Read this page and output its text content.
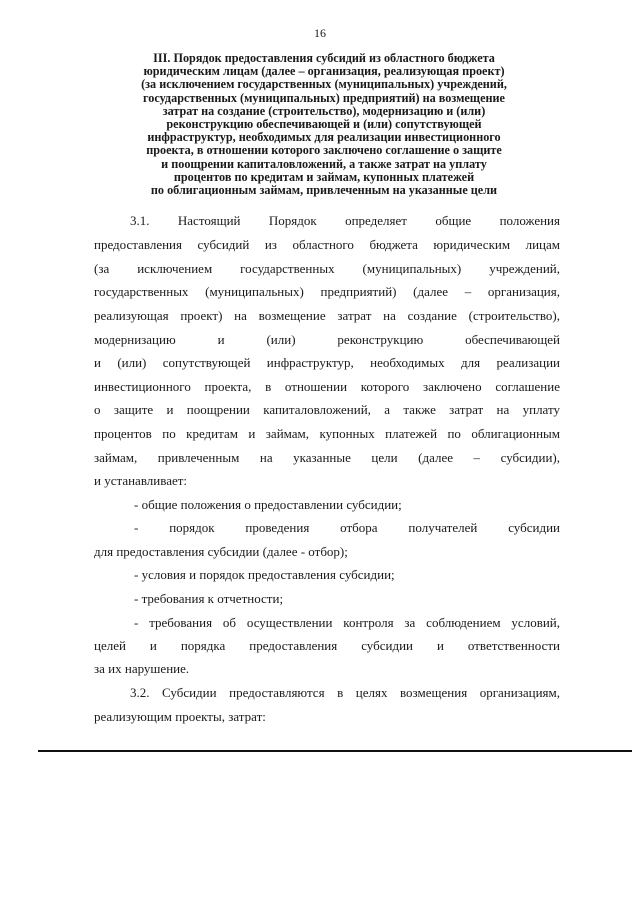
16
III. Порядок предоставления субсидий из областного бюджета
юридическим лицам (далее – организация, реализующая проект)
(за исключением государственных (муниципальных) учреждений,
государственных (муниципальных) предприятий) на возмещение
затрат на создание (строительство), модернизацию и (или)
реконструкцию обеспечивающей и (или) сопутствующей
инфраструктур, необходимых для реализации инвестиционного
проекта, в отношении которого заключено соглашение о защите
и поощрении капиталовложений, а также затрат на уплату
процентов по кредитам и займам, купонных платежей
по облигационным займам, привлеченным на указанные цели
3.1. Настоящий Порядок определяет общие положения
предоставления субсидий из областного бюджета юридическим лицам
(за исключением государственных (муниципальных) учреждений,
государственных (муниципальных) предприятий) (далее – организация,
реализующая проект) на возмещение затрат на создание (строительство),
модернизацию и (или) реконструкцию обеспечивающей
и (или) сопутствующей инфраструктур, необходимых для реализации
инвестиционного проекта, в отношении которого заключено соглашение
о защите и поощрении капиталовложений, а также затрат на уплату
процентов по кредитам и займам, купонных платежей по облигационным
займам, привлеченным на указанные цели (далее – субсидии),
и устанавливает:
- общие положения о предоставлении субсидии;
- порядок проведения отбора получателей субсидии
для предоставления субсидии (далее - отбор);
- условия и порядок предоставления субсидии;
- требования к отчетности;
- требования об осуществлении контроля за соблюдением условий,
целей и порядка предоставления субсидии и ответственности
за их нарушение.
3.2. Субсидии предоставляются в целях возмещения организациям,
реализующим проекты, затрат:
